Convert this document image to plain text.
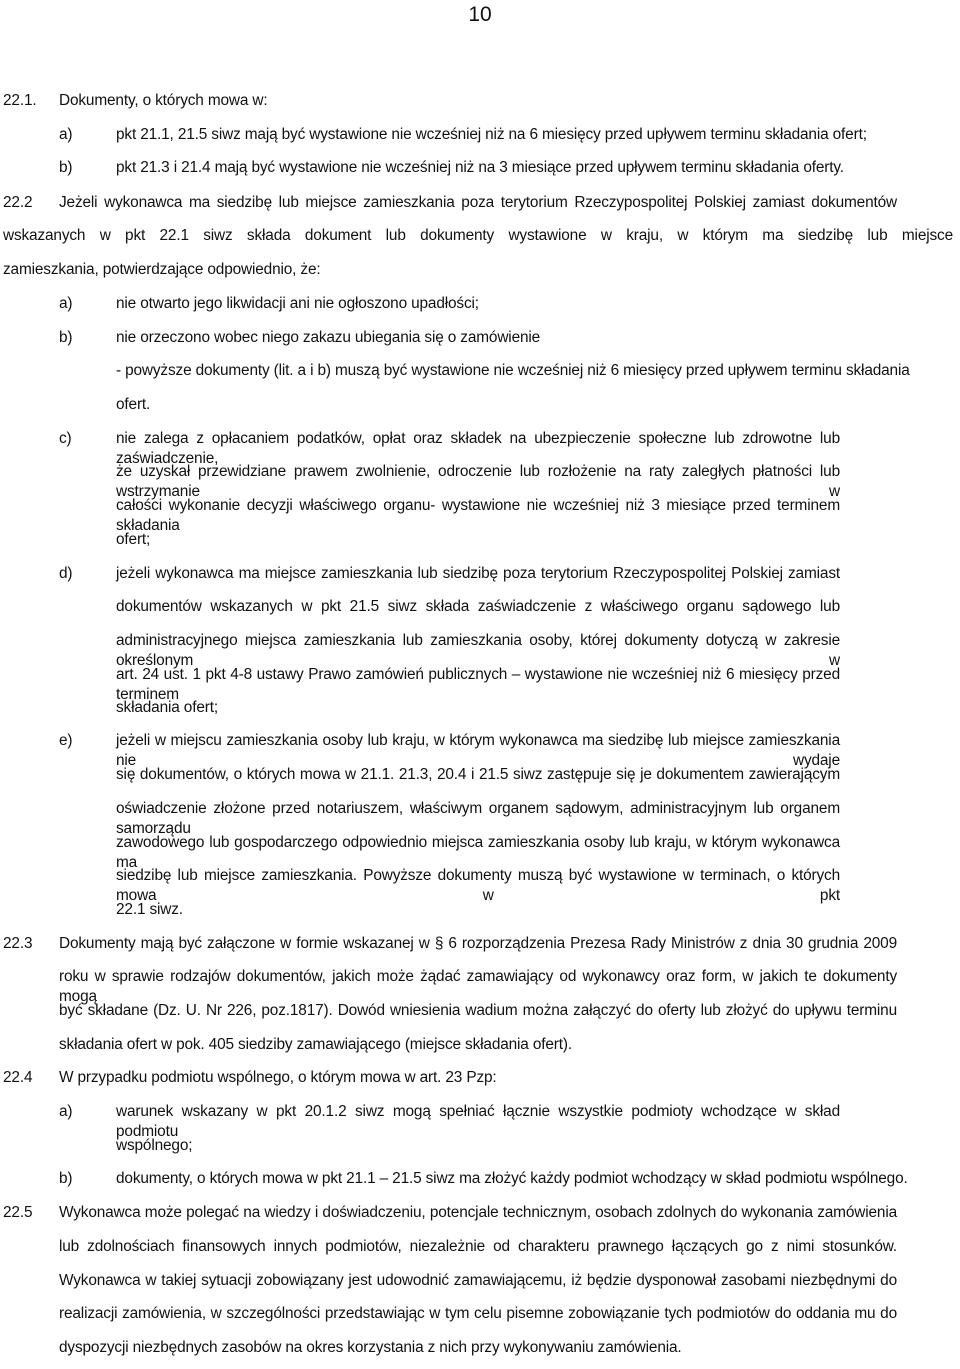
10
22.1. Dokumenty, o których mowa w:
a)	pkt 21.1, 21.5 siwz mają być wystawione nie wcześniej niż na 6 miesięcy przed upływem terminu składania ofert;
b)	pkt 21.3 i 21.4 mają być wystawione nie wcześniej niż na 3 miesiące przed upływem terminu składania oferty.
22.2 Jeżeli wykonawca ma siedzibę lub miejsce zamieszkania poza terytorium Rzeczypospolitej Polskiej zamiast dokumentów
wskazanych w pkt 22.1 siwz składa dokument lub dokumenty wystawione w kraju, w którym ma siedzibę lub miejsce
zamieszkania, potwierdzające odpowiednio, że:
a)	nie otwarto jego likwidacji ani nie ogłoszono upadłości;
b)	nie orzeczono wobec niego zakazu ubiegania się o zamówienie
- powyższe dokumenty (lit. a i b) muszą być wystawione nie wcześniej niż 6 miesięcy przed upływem terminu składania
ofert.
c)	nie zalega z opłacaniem podatków, opłat oraz składek na ubezpieczenie społeczne lub zdrowotne lub zaświadczenie,
że uzyskał przewidziane prawem zwolnienie, odroczenie lub rozłożenie na raty zaległych płatności lub wstrzymanie w
całości wykonanie decyzji właściwego organu- wystawione nie wcześniej niż 3 miesiące przed terminem składania
ofert;
d)	jeżeli wykonawca ma miejsce zamieszkania lub siedzibę poza terytorium Rzeczypospolitej Polskiej zamiast
dokumentów wskazanych w pkt 21.5 siwz składa zaświadczenie z właściwego organu sądowego lub
administracyjnego miejsca zamieszkania lub zamieszkania osoby, której dokumenty dotyczą w zakresie określonym w
art. 24 ust. 1 pkt 4-8 ustawy Prawo zamówień publicznych – wystawione nie wcześniej niż 6 miesięcy przed terminem
składania ofert;
e)	jeżeli w miejscu zamieszkania osoby lub kraju, w którym wykonawca ma siedzibę lub miejsce zamieszkania nie wydaje
się dokumentów, o których mowa w 21.1. 21.3, 20.4 i 21.5 siwz zastępuje się je dokumentem zawierającym
oświadczenie złożone przed notariuszem, właściwym organem sądowym, administracyjnym lub organem samorządu
zawodowego lub gospodarczego odpowiednio miejsca zamieszkania osoby lub kraju, w którym wykonawca ma
siedzibę lub miejsce zamieszkania. Powyższe dokumenty muszą być wystawione w terminach, o których mowa w pkt
22.1 siwz.
22.3 Dokumenty mają być załączone w formie wskazanej w § 6 rozporządzenia Prezesa Rady Ministrów z dnia 30 grudnia 2009
roku w sprawie rodzajów dokumentów, jakich może żądać zamawiający od wykonawcy oraz form, w jakich te dokumenty mogą
być składane (Dz. U. Nr 226, poz.1817). Dowód wniesienia wadium można załączyć do oferty lub złożyć do upływu terminu
składania ofert w pok. 405 siedziby zamawiającego (miejsce składania ofert).
22.4 W przypadku podmiotu wspólnego, o którym mowa w art. 23 Pzp:
a)	warunek wskazany w pkt 20.1.2 siwz mogą spełniać łącznie wszystkie podmioty wchodzące w skład podmiotu
wspólnego;
b)	dokumenty, o których mowa w pkt 21.1 – 21.5 siwz ma złożyć każdy podmiot wchodzący w skład podmiotu wspólnego.
22.5 Wykonawca może polegać na wiedzy i doświadczeniu, potencjale technicznym, osobach zdolnych do wykonania zamówienia
lub zdolnościach finansowych innych podmiotów, niezależnie od charakteru prawnego łączących go z nimi stosunków.
Wykonawca w takiej sytuacji zobowiązany jest udowodnić zamawiającemu, iż będzie dysponował zasobami niezbędnymi do
realizacji zamówienia, w szczególności przedstawiając w tym celu pisemne zobowiązanie tych podmiotów do oddania mu do
dyspozycji niezbędnych zasobów na okres korzystania z nich przy wykonywaniu zamówienia.
